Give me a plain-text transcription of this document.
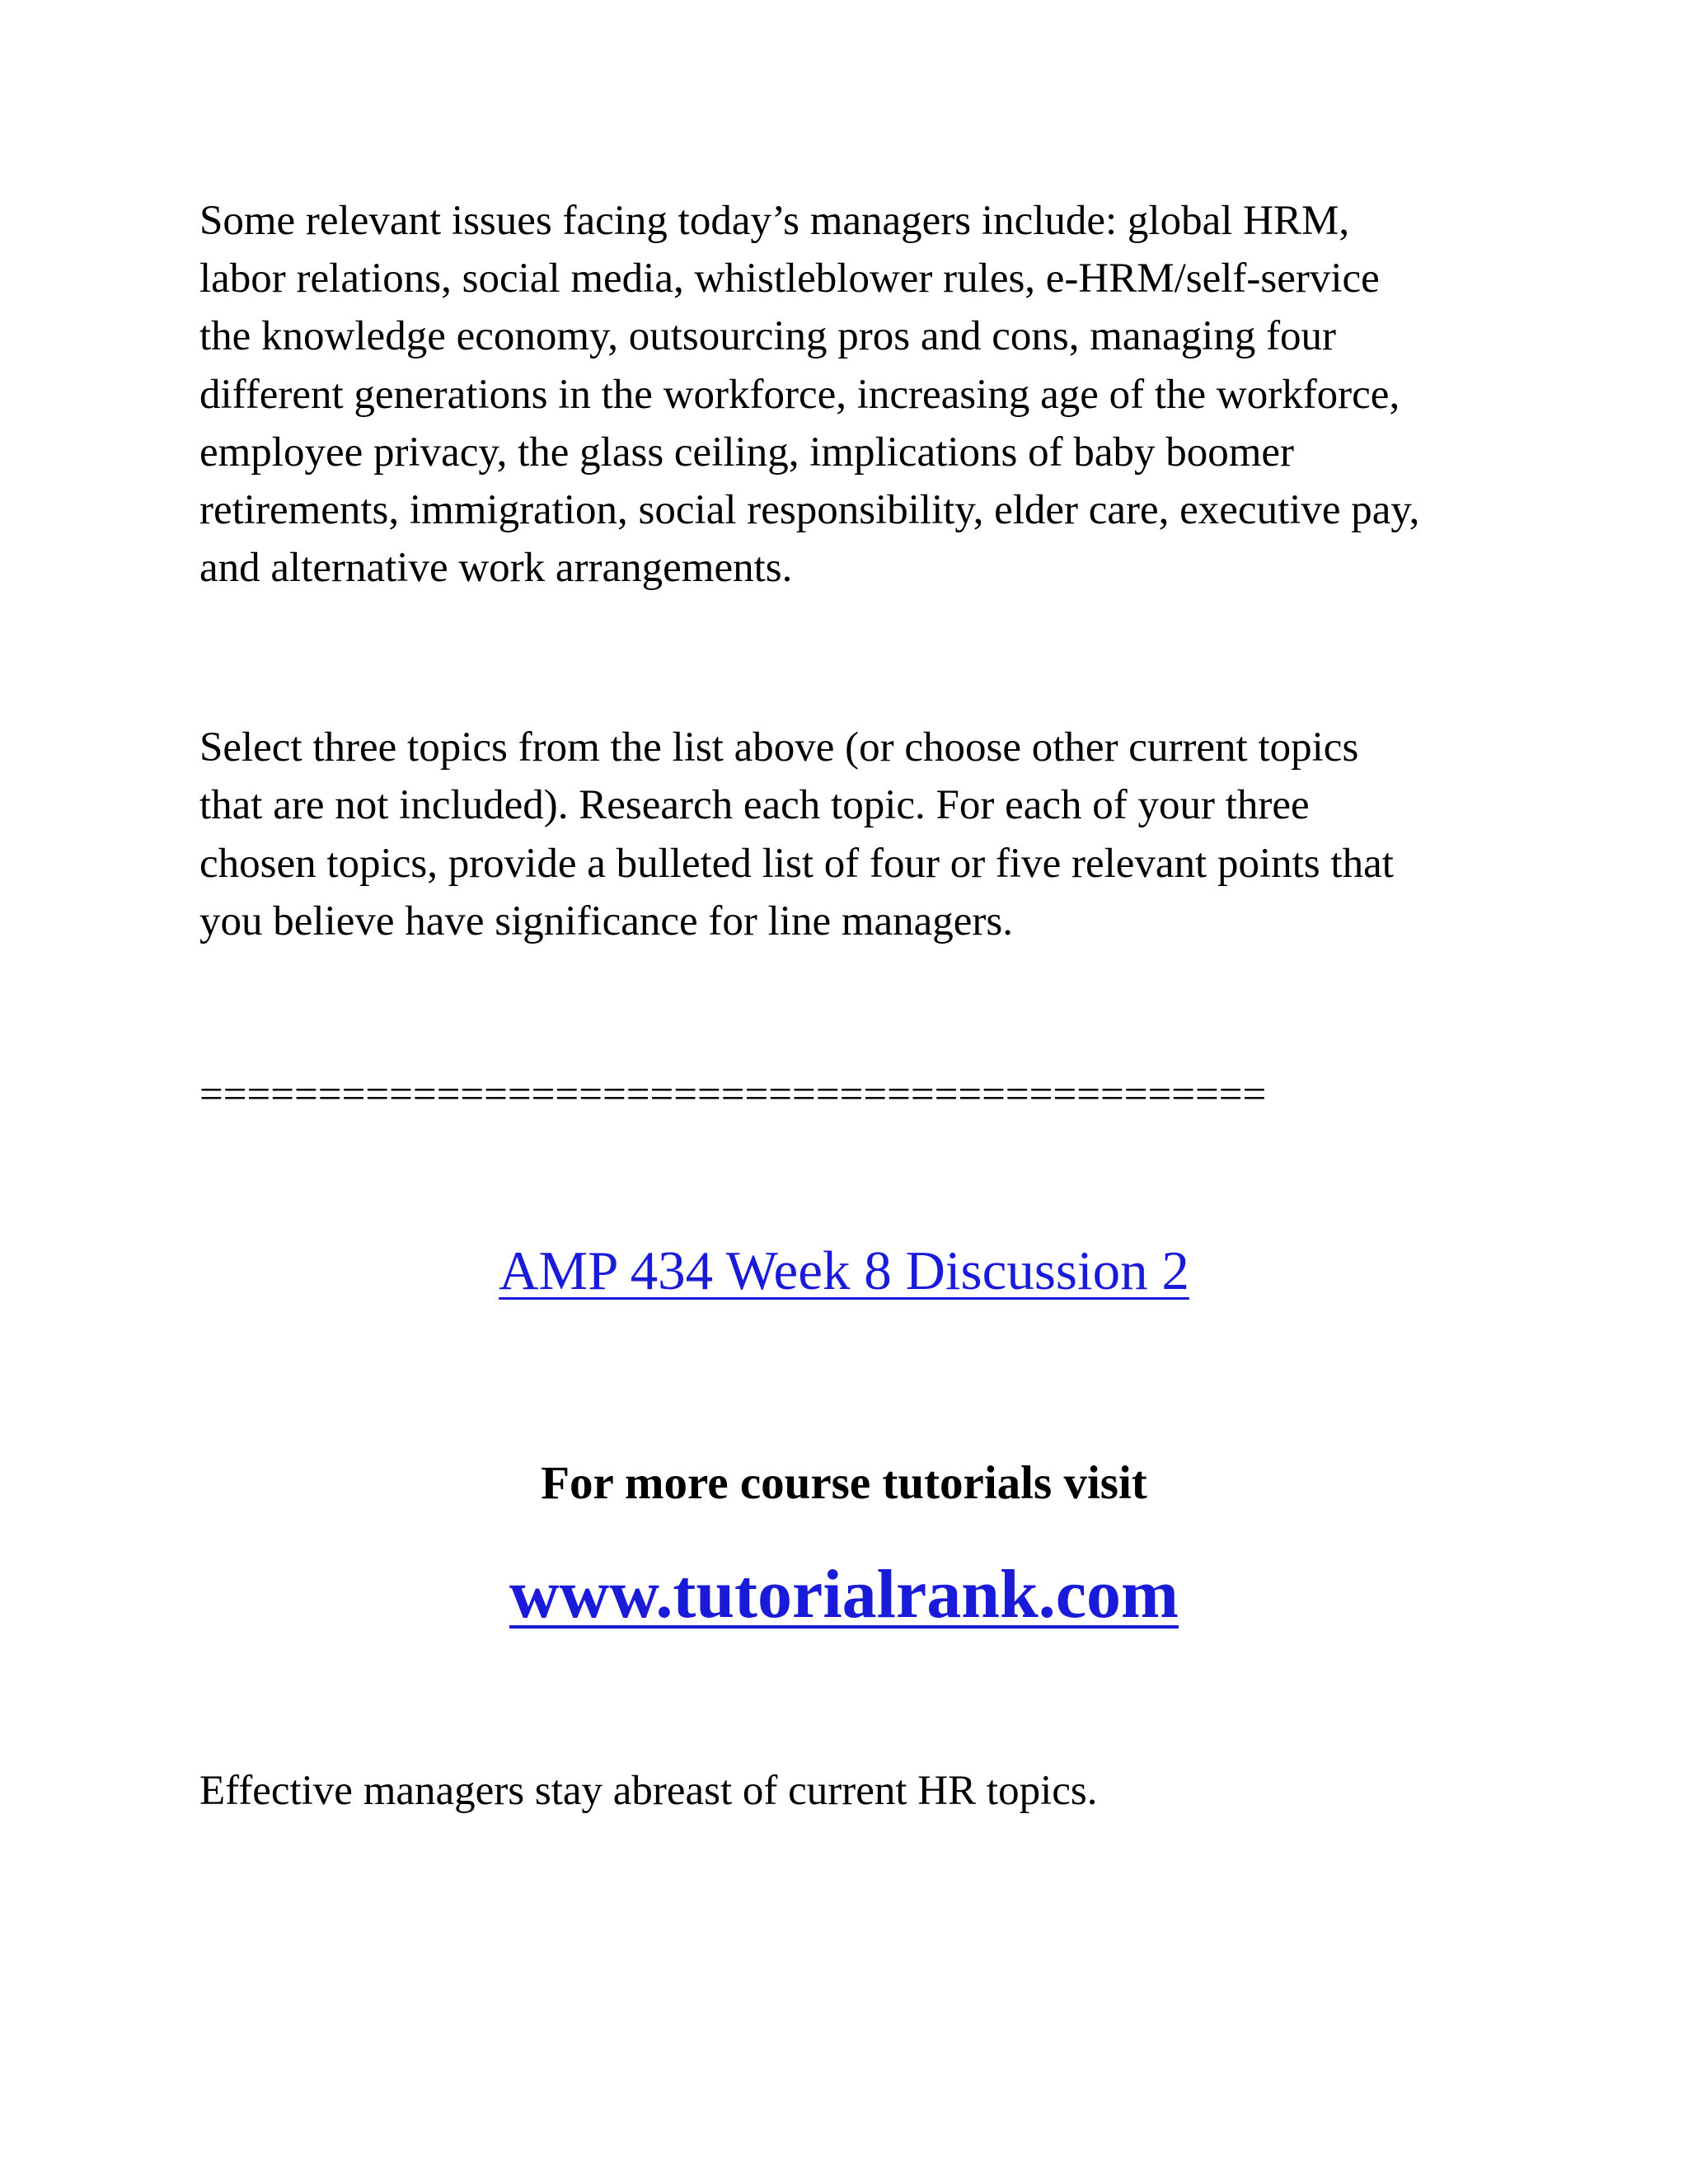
Some relevant issues facing today’s managers include: global HRM,
labor relations, social media, whistleblower rules, e-HRM/self-service
the knowledge economy, outsourcing pros and cons, managing four
different generations in the workforce, increasing age of the workforce,
employee privacy, the glass ceiling, implications of baby boomer
retirements, immigration, social responsibility, elder care, executive pay,
and alternative work arrangements.
Select three topics from the list above (or choose other current topics
that are not included). Research each topic. For each of your three
chosen topics, provide a bulleted list of four or five relevant points that
you believe have significance for line managers.
=============================================
AMP 434 Week 8 Discussion 2
For more course tutorials visit
www.tutorialrank.com
Effective managers stay abreast of current HR topics.
